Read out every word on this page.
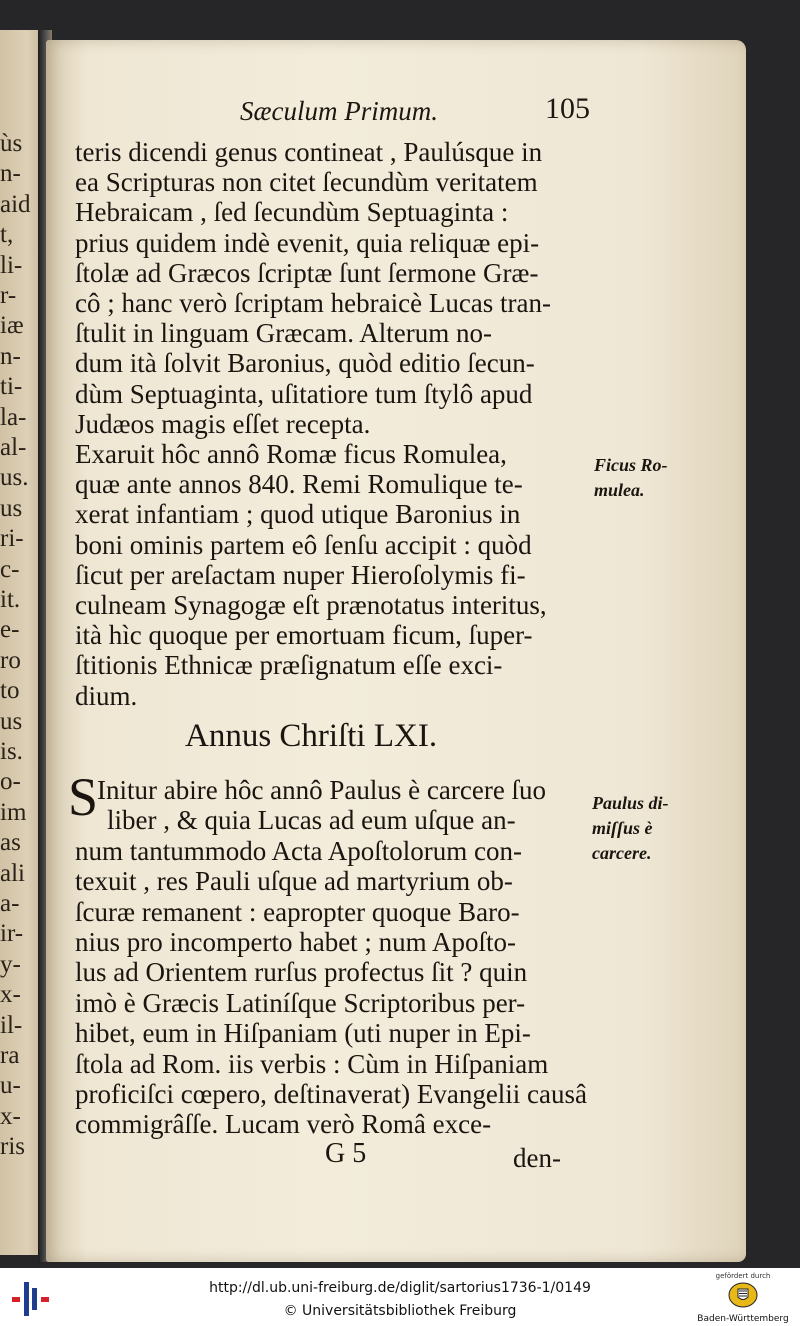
ùs
n-
aid
t,
li-
r-
iæ
n-
ti-
la-
al-
us.
us
ri-
c-
it.
e-
ro
to
us
is.
o-
im
as
ali
a-
ir-
y-
x-
il-
ra
u-
x-
ris
Sæculum Primum.	105
teris dicendi genus contineat , Paulúsque in
ea Scripturas non citet ſecundùm veritatem
Hebraicam , ſed ſecundùm Septuaginta :
prius quidem indè evenit, quia reliquæ epi-
ſtolæ ad Græcos ſcriptæ ſunt ſermone Græ-
cô ; hanc verò ſcriptam hebraicè Lucas tran-
ſtulit in linguam Græcam. Alterum no-
dum ità ſolvit Baronius, quòd editio ſecun-
dùm Septuaginta, uſitatiore tum ſtylô apud
Judæos magis eſſet recepta.
Exaruit hôc annô Romæ ficus Romulea,
quæ ante annos 840. Remi Romulique te-
xerat infantiam ; quod utique Baronius in
boni ominis partem eô ſenſu accipit : quòd
ſicut per areſactam nuper Hieroſolymis fi-
culneam Synagogæ eſt prænotatus interitus,
ità hìc quoque per emortuam ficum, ſuper-
ſtitionis Ethnicæ præſignatum eſſe exci-
dium.
Annus Chriſti LXI.
S
Initur abire hôc annô Paulus è carcere ſuo
liber , & quia Lucas ad eum uſque an-
num tantummodo Acta Apoſtolorum con-
texuit , res Pauli uſque ad martyrium ob-
ſcuræ remanent : eapropter quoque Baro-
nius pro incomperto habet ; num Apoſto-
lus ad Orientem rurſus profectus ſit ? quin
imò è Græcis Latiníſque Scriptoribus per-
hibet, eum in Hiſpaniam (uti nuper in Epi-
ſtola ad Rom. iis verbis : Cùm in Hiſpaniam
proficiſci cœpero, deſtinaverat) Evangelii causâ
commigrâſſe. Lucam verò Româ exce-
G 5	den-
Ficus Ro-
mulea.
Paulus di-
miſſus è
carcere.
http://dl.ub.uni-freiburg.de/diglit/sartorius1736-1/0149
© Universitätsbibliothek Freiburg
gefördert durch
Baden-Württemberg
